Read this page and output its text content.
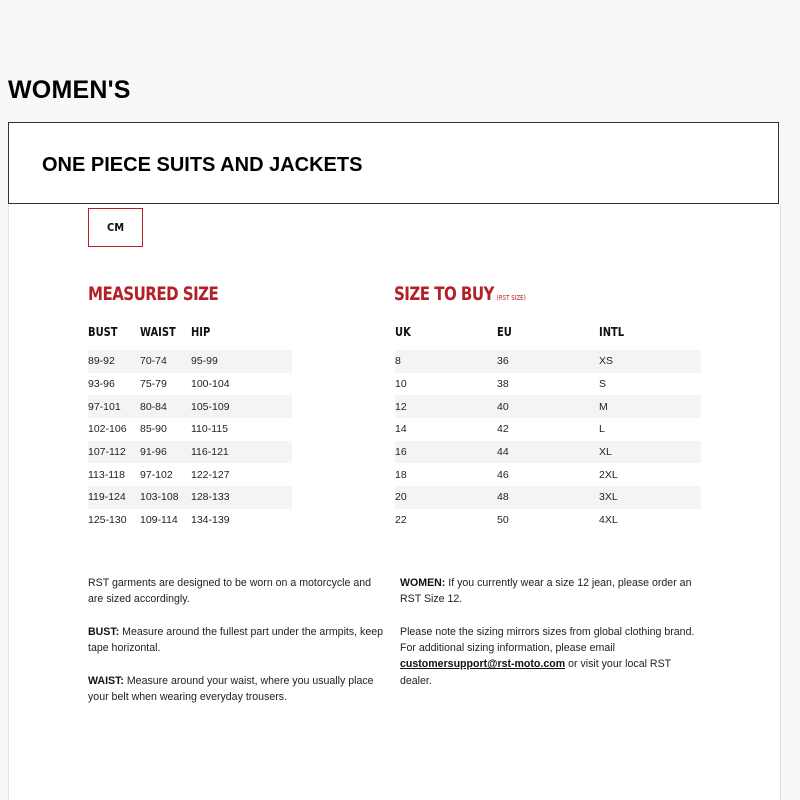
WOMEN'S
ONE PIECE SUITS AND JACKETS
CM
MEASURED SIZE	SIZE TO BUY (RST SIZE)
BUST WAIST HIP	UK	EU	INTL
89-92	70-74	95-99		8	36	XS
93-96	75-79	100-104		10	38	S
97-101	80-84	105-109		12	40	M
102-106	85-90	110-115		14	42	L
107-112	91-96	116-121		16	44	XL
113-118	97-102	122-127		18	46	2XL
119-124	103-108	128-133		20	48	3XL
125-130	109-114	134-139		22	50	4XL

RST garments are designed to be worn on a motorcycle and are sized accordingly.

BUST: Measure around the fullest part under the armpits, keep tape horizontal.

WAIST: Measure around your waist, where you usually place your belt when wearing everyday trousers.

WOMEN: If you currently wear a size 12 jean, please order an RST Size 12.

Please note the sizing mirrors sizes from global clothing brand. For additional sizing information, please email customersupport@rst-moto.com or visit your local RST dealer.
